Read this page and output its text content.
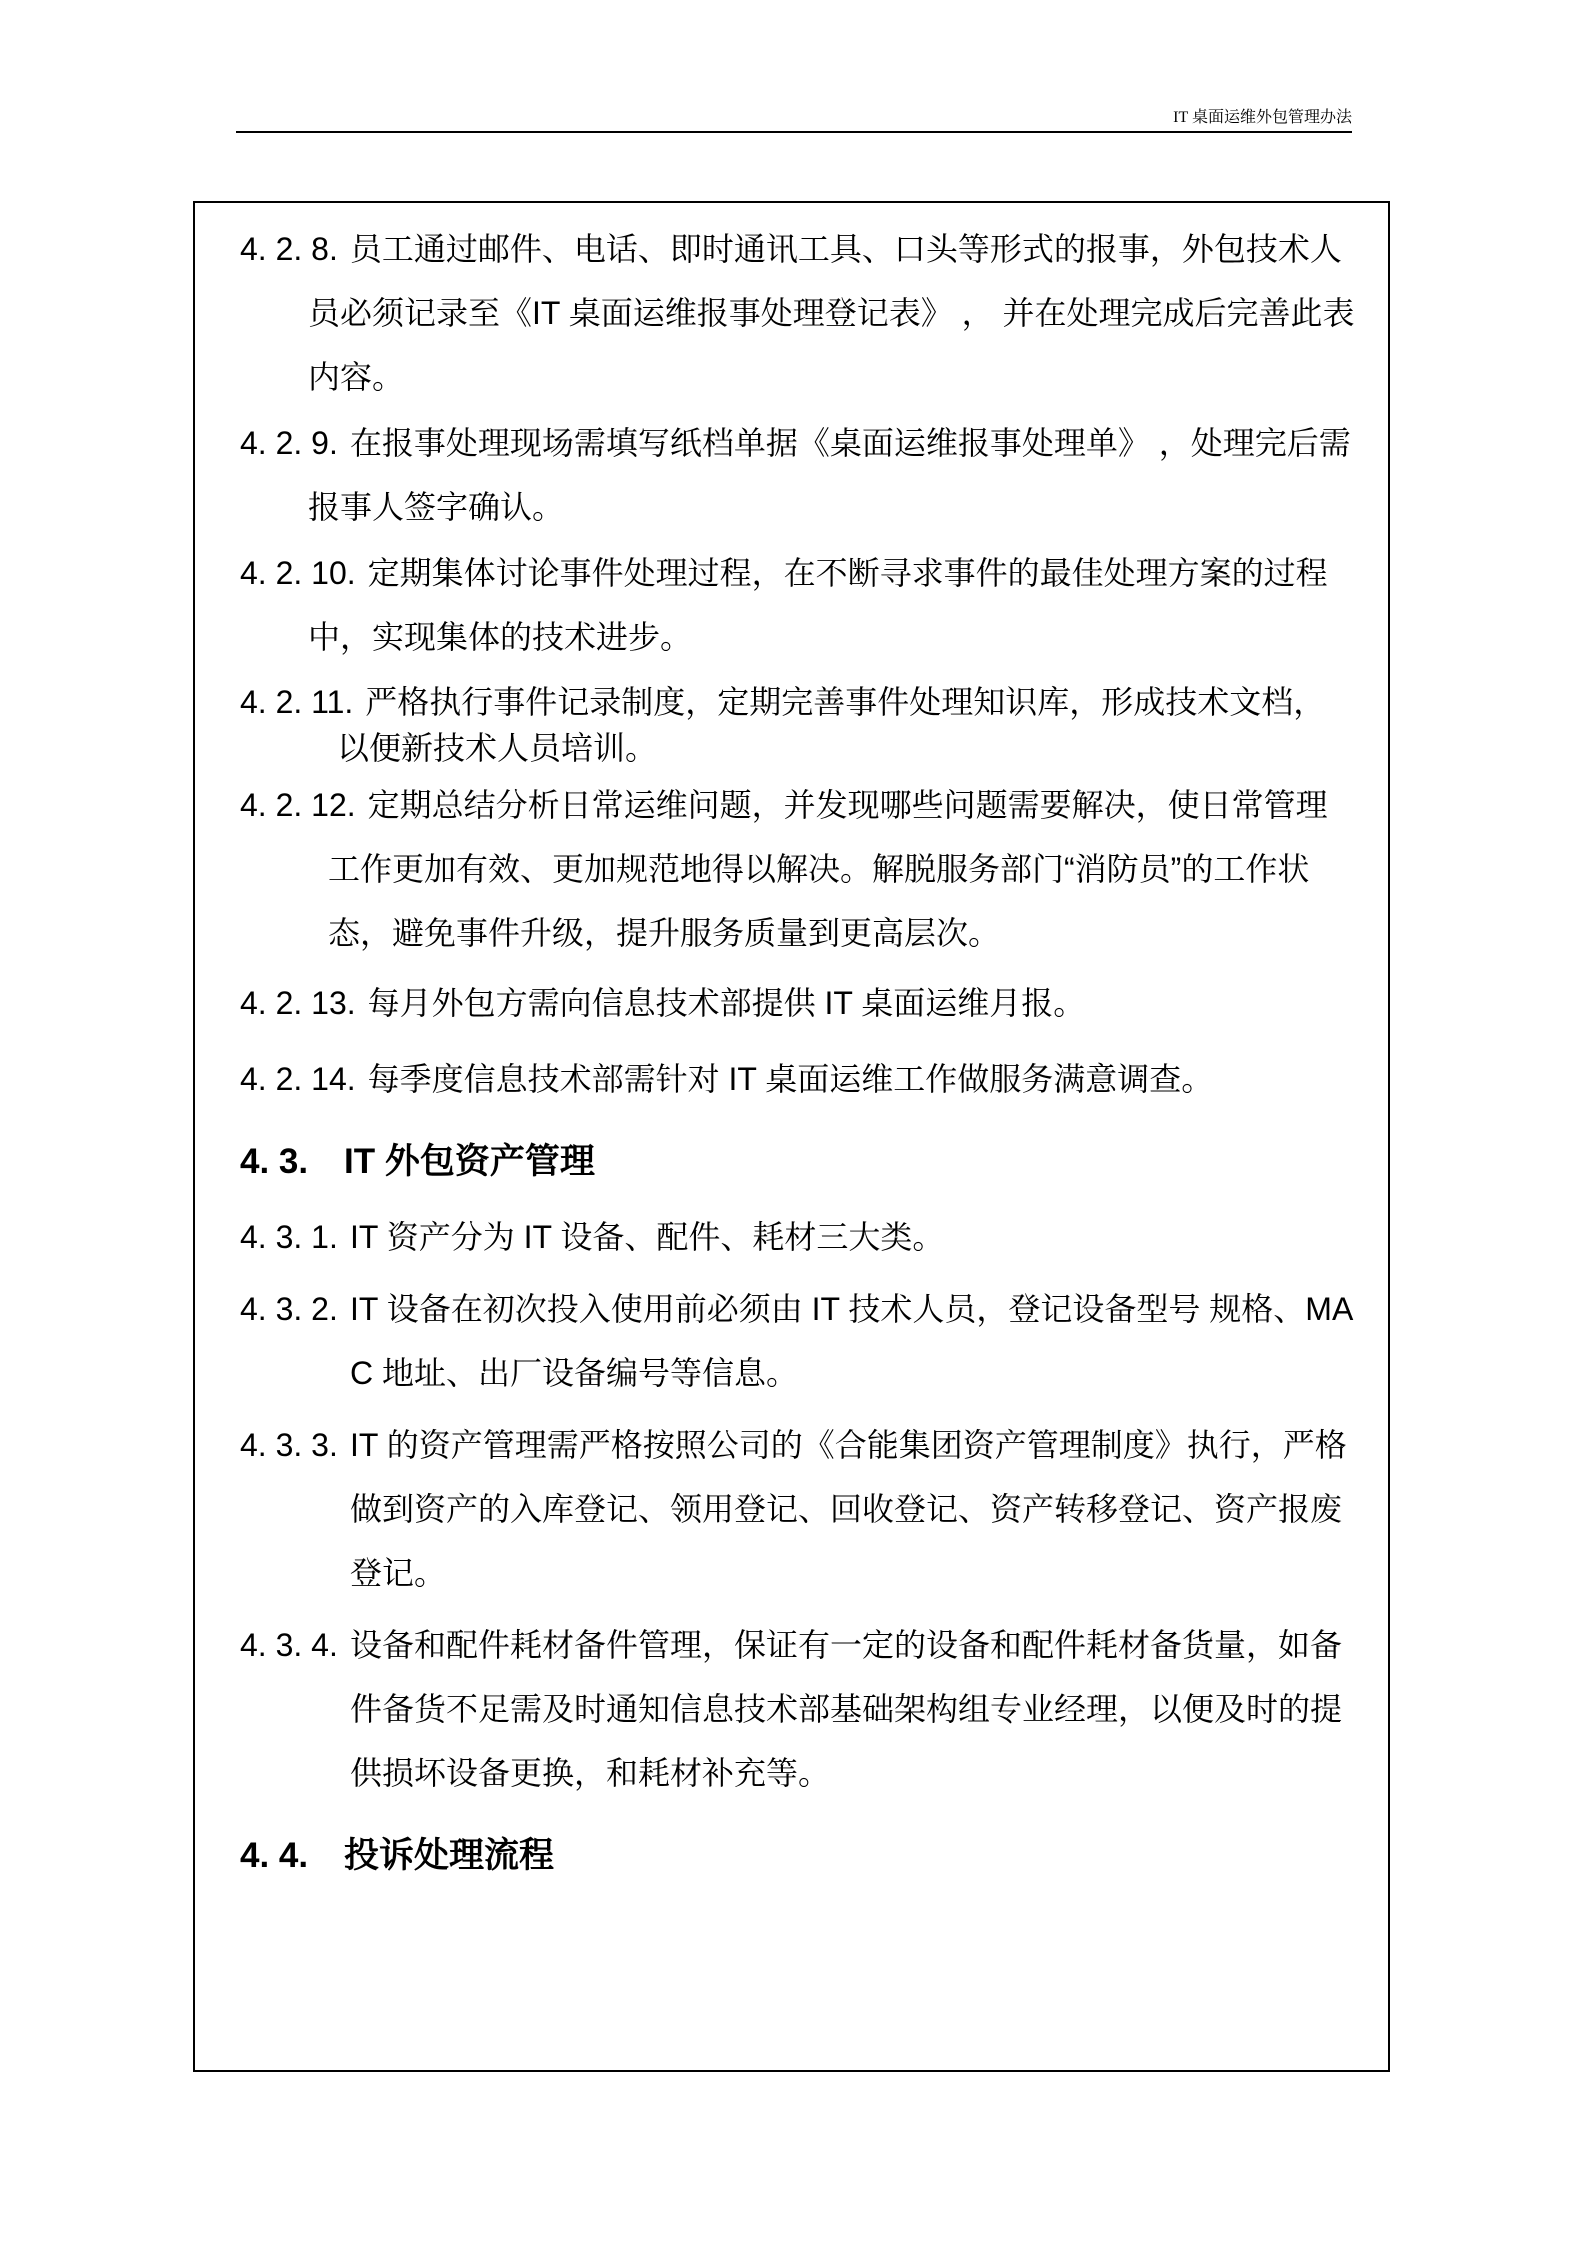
IT 桌面运维外包管理办法
4. 2. 8. 员工通过邮件、电话、即时通讯工具、口头等形式的报事，外包技术人员必须记录至《IT 桌面运维报事处理登记表》 ， 并在处理完成后完善此表内容。
4. 2. 9. 在报事处理现场需填写纸档单据《桌面运维报事处理单》 ，处理完后需报事人签字确认。
4. 2. 10. 定期集体讨论事件处理过程，在不断寻求事件的最佳处理方案的过程中，实现集体的技术进步。
4. 2. 11. 严格执行事件记录制度，定期完善事件处理知识库，形成技术文档，以便新技术人员培训。
4. 2. 12. 定期总结分析日常运维问题，并发现哪些问题需要解决，使日常管理工作更加有效、更加规范地得以解决。解脱服务部门“消防员”的工作状态，避免事件升级，提升服务质量到更高层次。
4. 2. 13. 每月外包方需向信息技术部提供 IT 桌面运维月报。
4. 2. 14. 每季度信息技术部需针对 IT 桌面运维工作做服务满意调查。
4. 3. IT 外包资产管理
4. 3. 1. IT 资产分为 IT 设备、配件、耗材三大类。
4. 3. 2. IT 设备在初次投入使用前必须由 IT 技术人员，登记设备型号 规格、MAC 地址、出厂设备编号等信息。
4. 3. 3. IT 的资产管理需严格按照公司的《合能集团资产管理制度》执行，严格做到资产的入库登记、领用登记、回收登记、资产转移登记、资产报废登记。
4. 3. 4. 设备和配件耗材备件管理，保证有一定的设备和配件耗材备货量，如备件备货不足需及时通知信息技术部基础架构组专业经理，以便及时的提供损坏设备更换，和耗材补充等。
4. 4. 投诉处理流程
